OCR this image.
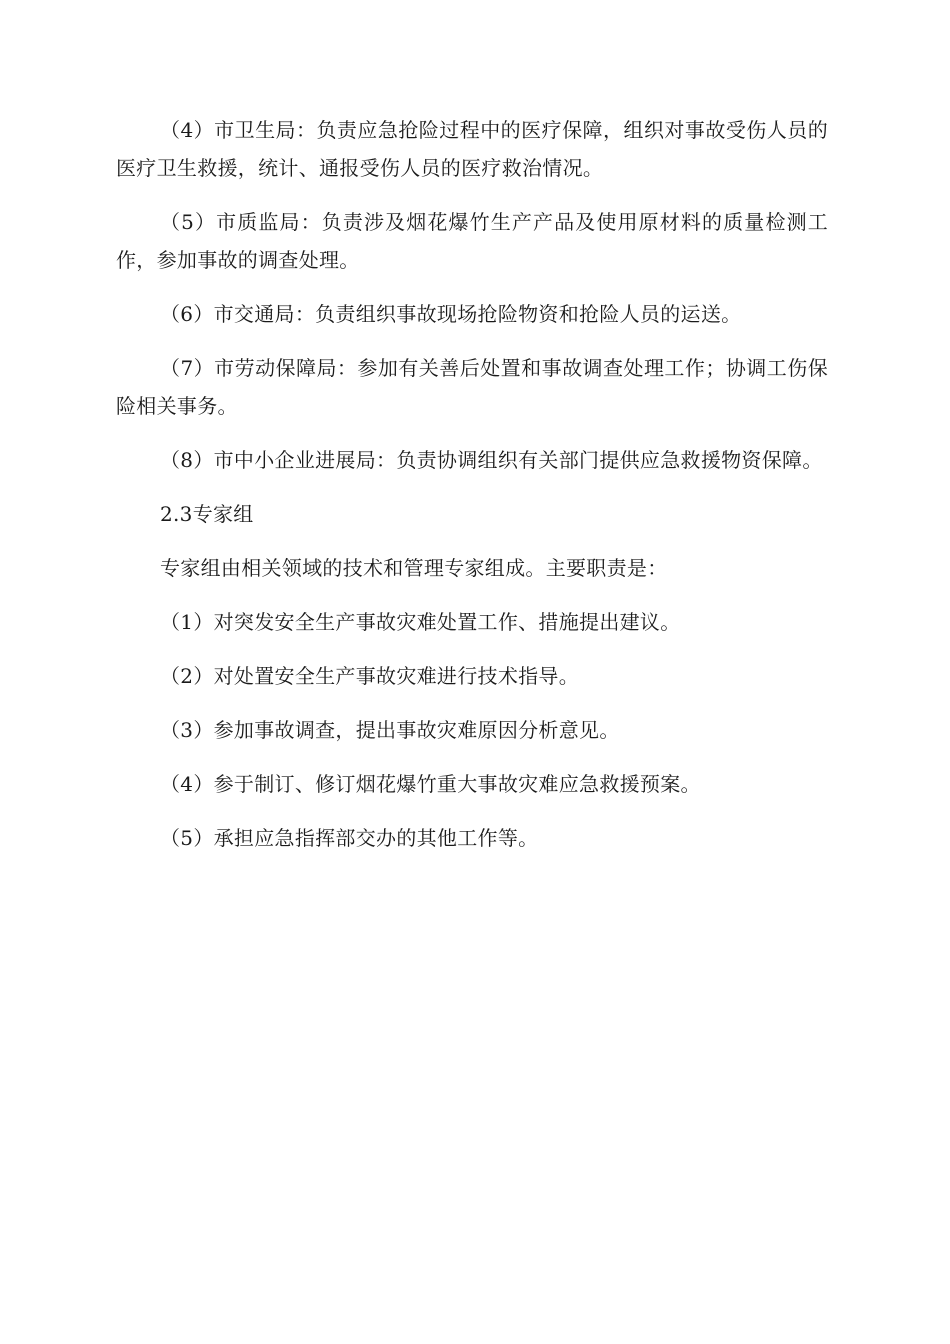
（4）市卫生局：负责应急抢险过程中的医疗保障，组织对事故受伤人员的医疗卫生救援，统计、通报受伤人员的医疗救治情况。

（5）市质监局：负责涉及烟花爆竹生产产品及使用原材料的质量检测工作，参加事故的调查处理。

（6）市交通局：负责组织事故现场抢险物资和抢险人员的运送。

（7）市劳动保障局：参加有关善后处置和事故调查处理工作；协调工伤保险相关事务。

（8）市中小企业进展局：负责协调组织有关部门提供应急救援物资保障。

2.3专家组

专家组由相关领域的技术和管理专家组成。主要职责是：

（1）对突发安全生产事故灾难处置工作、措施提出建议。

（2）对处置安全生产事故灾难进行技术指导。

（3）参加事故调查，提出事故灾难原因分析意见。

（4）参于制订、修订烟花爆竹重大事故灾难应急救援预案。

（5）承担应急指挥部交办的其他工作等。
